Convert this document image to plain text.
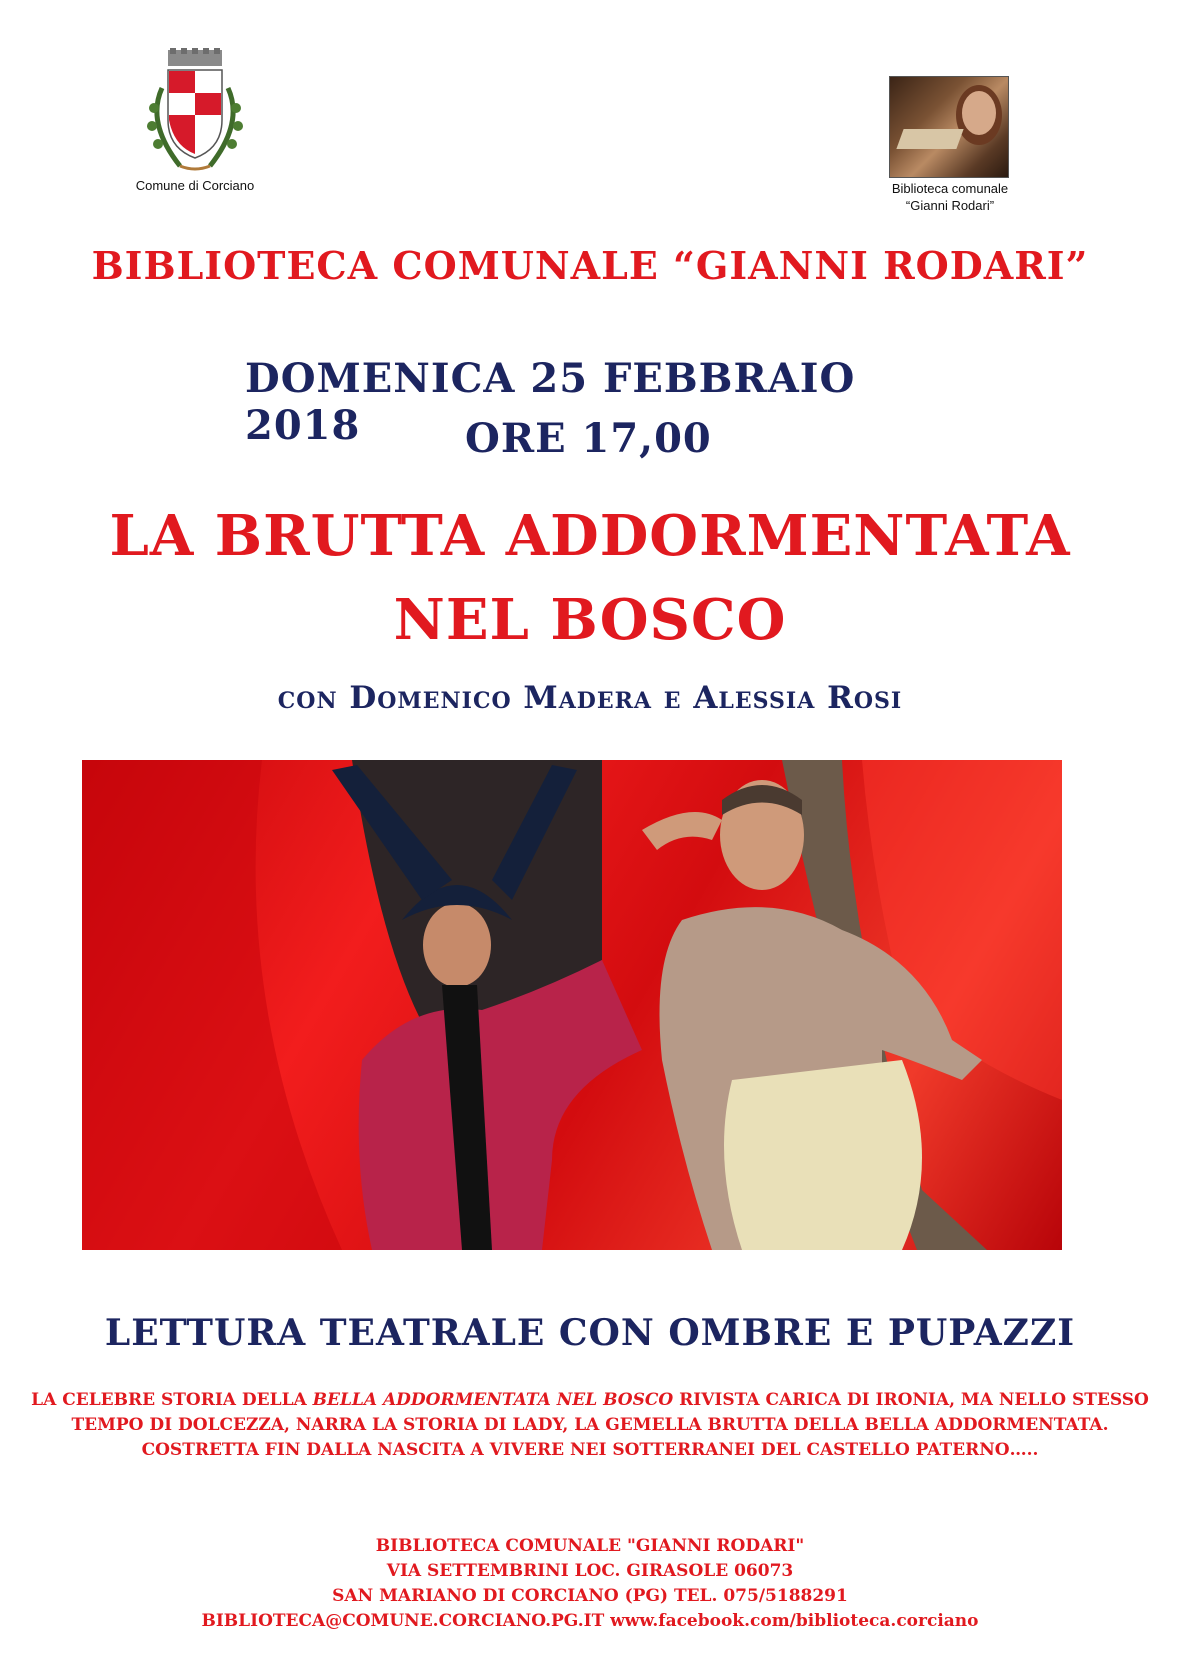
Comune di Corciano	Biblioteca comunale
“Gianni Rodari”
BIBLIOTECA COMUNALE “GIANNI RODARI”
DOMENICA 25 FEBBRAIO 2018	ORE 17,00
LA BRUTTA ADDORMENTATA
NEL BOSCO
con Domenico Madera e Alessia Rosi
LETTURA TEATRALE CON OMBRE E PUPAZZI
LA CELEBRE STORIA DELLA BELLA ADDORMENTATA NEL BOSCO RIVISTA CARICA DI IRONIA, MA NELLO STESSO
TEMPO DI DOLCEZZA, NARRA LA STORIA DI LADY, LA GEMELLA BRUTTA DELLA BELLA ADDORMENTATA.
COSTRETTA FIN DALLA NASCITA A VIVERE NEI SOTTERRANEI DEL CASTELLO PATERNO…..
BIBLIOTECA COMUNALE "GIANNI RODARI"
VIA SETTEMBRINI LOC. GIRASOLE 06073
SAN MARIANO DI CORCIANO (PG) TEL. 075/5188291
BIBLIOTECA@COMUNE.CORCIANO.PG.IT www.facebook.com/biblioteca.corciano
